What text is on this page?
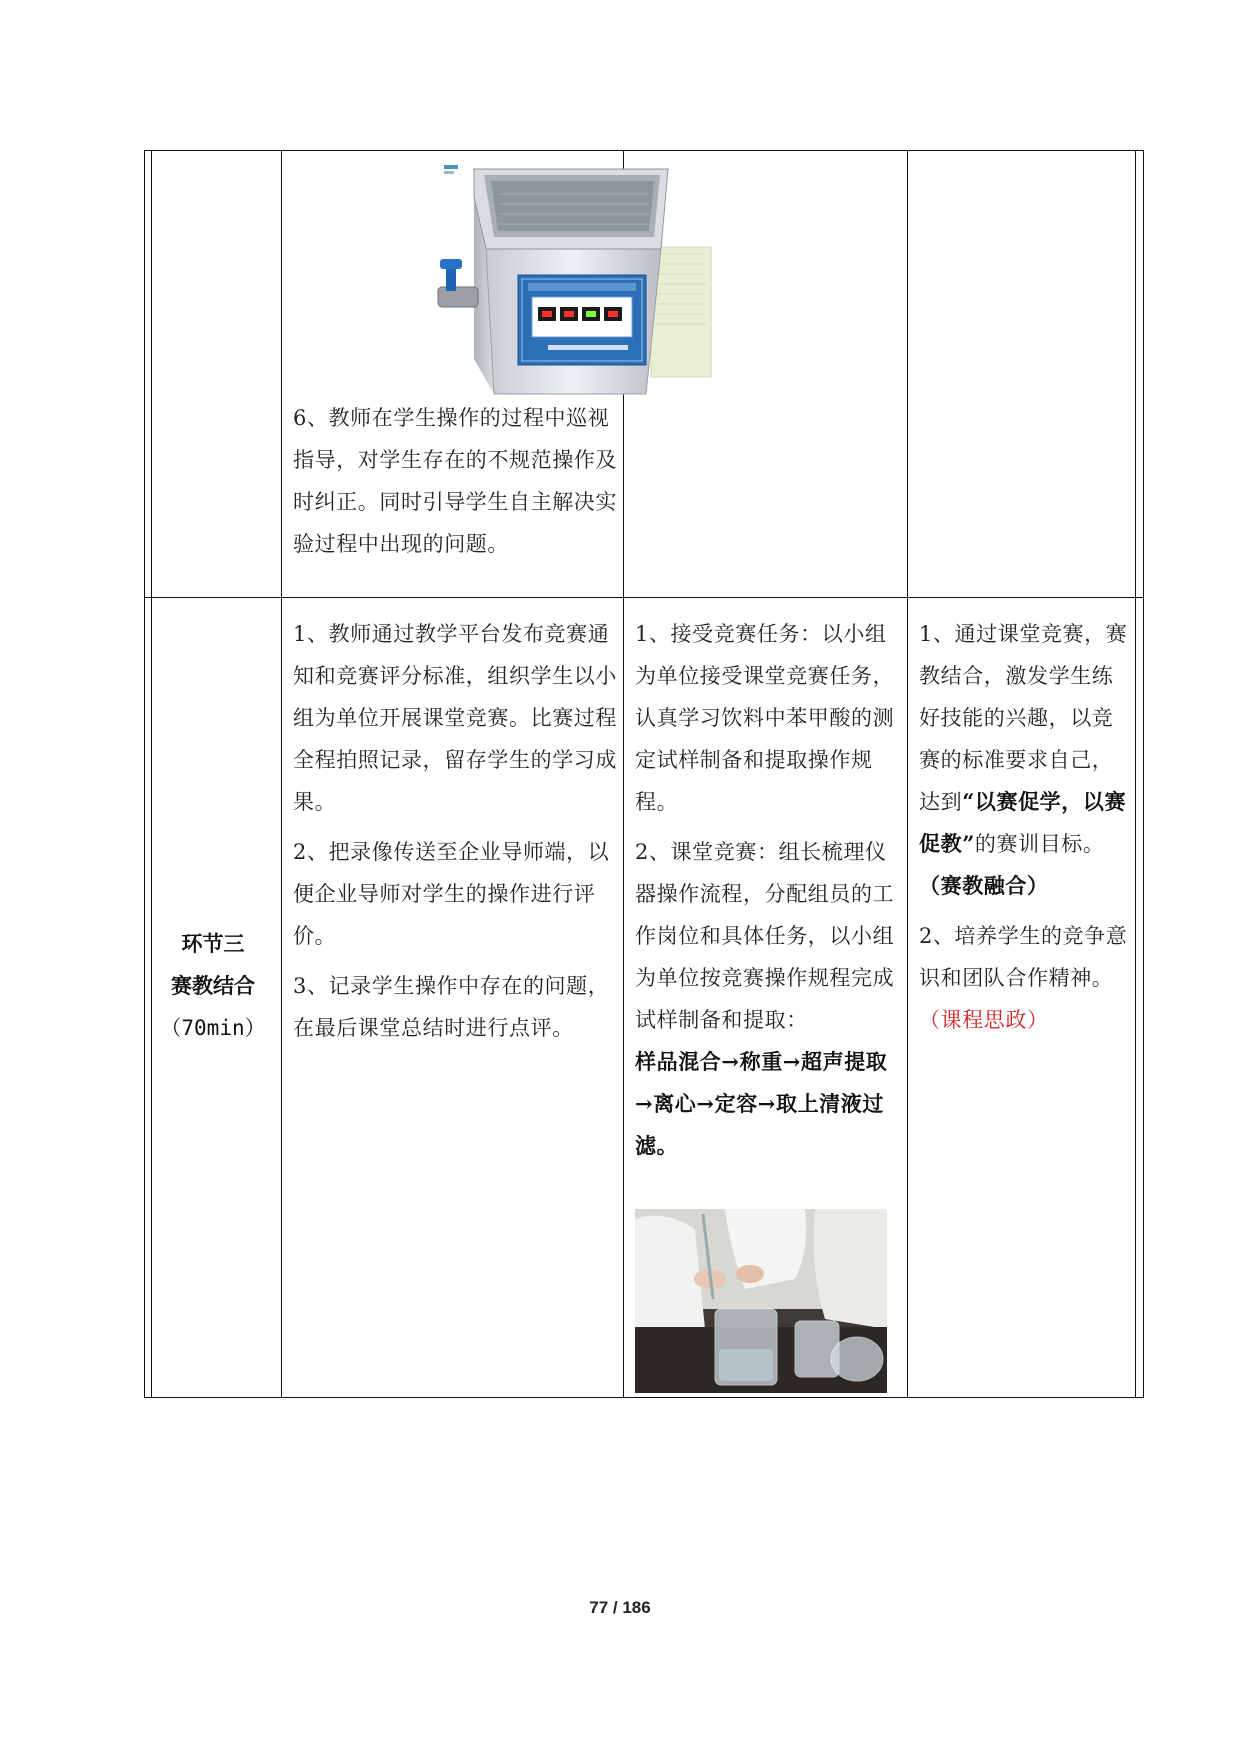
6、教师在学生操作的过程中巡视指导，对学生存在的不规范操作及时纠正。同时引导学生自主解决实验过程中出现的问题。
环节三
赛教结合
（70min）

1、教师通过教学平台发布竞赛通知和竞赛评分标准，组织学生以小组为单位开展课堂竞赛。比赛过程全程拍照记录，留存学生的学习成果。

2、把录像传送至企业导师端，以便企业导师对学生的操作进行评价。

3、记录学生操作中存在的问题，在最后课堂总结时进行点评。

1、接受竞赛任务：以小组为单位接受课堂竞赛任务，认真学习饮料中苯甲酸的测定试样制备和提取操作规程。

2、课堂竞赛：组长梳理仪器操作流程，分配组员的工作岗位和具体任务，以小组为单位按竞赛操作规程完成试样制备和提取：

样品混合→称重→超声提取→离心→定容→取上清液过滤。

1、通过课堂竞赛，赛教结合，激发学生练好技能的兴趣，以竞赛的标准要求自己，达到“以赛促学，以赛促教”的赛训目标。

（赛教融合）

2、培养学生的竞争意识和团队合作精神。

（课程思政）

77 / 186
